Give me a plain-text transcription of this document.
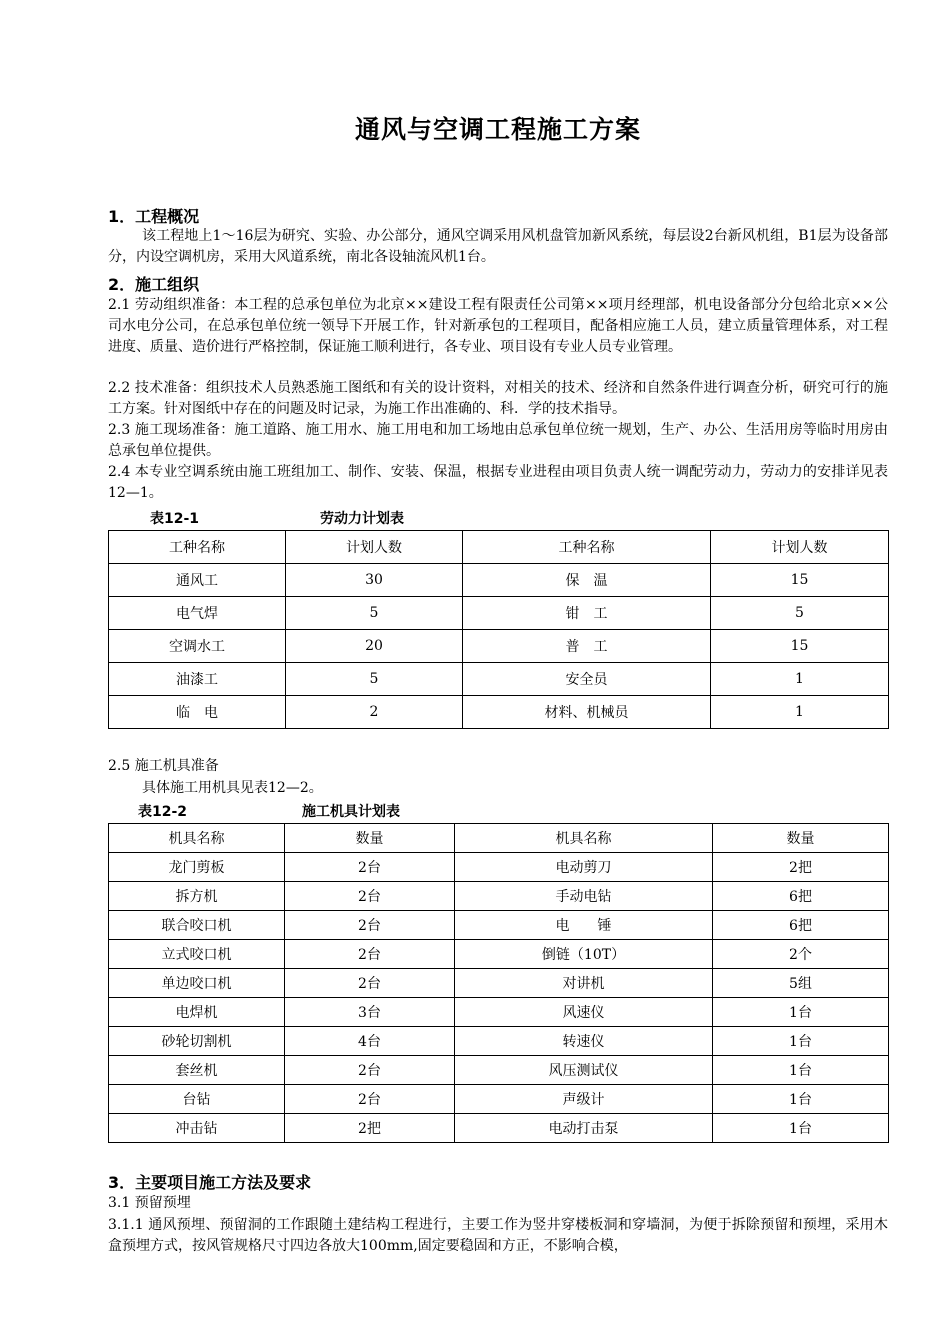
通风与空调工程施工方案
1．工程概况
该工程地上1～16层为研究、实验、办公部分，通风空调采用风机盘管加新风系统，每层设2台新风机组，B1层为设备部分，内设空调机房，采用大风道系统，南北各设轴流风机1台。
2．施工组织
2.1 劳动组织准备：本工程的总承包单位为北京××建设工程有限责任公司第××项月经理部，机电设备部分分包给北京××公司水电分公司，在总承包单位统一领导下开展工作，针对新承包的工程项目，配备相应施工人员，建立质量管理体系，对工程进度、质量、造价进行严格控制，保证施工顺利进行，各专业、项目设有专业人员专业管理。
2.2 技术准备：组织技术人员熟悉施工图纸和有关的设计资料，对相关的技术、经济和自然条件进行调查分析，研究可行的施工方案。针对图纸中存在的问题及时记录，为施工作出准确的、科．学的技术指导。
2.3 施工现场准备：施工道路、施工用水、施工用电和加工场地由总承包单位统一规划，生产、办公、生活用房等临时用房由总承包单位提供。
2.4 本专业空调系统由施工班组加工、制作、安装、保温，根据专业进程由项目负责人统一调配劳动力，劳动力的安排详见表12—1。
表12-1	劳动力计划表
工种名称	计划人数	工种名称	计划人数
通风工	30	保　温	15
电气焊	5	钳　工	5
空调水工	20	普　工	15
油漆工	5	安全员	1
临　电	2	材料、机械员	1
2.5 施工机具准备
具体施工用机具见表12—2。
表12-2	施工机具计划表
机具名称	数量	机具名称	数量
龙门剪板	2台	电动剪刀	2把
拆方机	2台	手动电钻	6把
联合咬口机	2台	电　　锤	6把
立式咬口机	2台	倒链（10T）	2个
单边咬口机	2台	对讲机	5组
电焊机	3台	风速仪	1台
砂轮切割机	4台	转速仪	1台
套丝机	2台	风压测试仪	1台
台钻	2台	声级计	1台
冲击钻	2把	电动打击泵	1台
3．主要项目施工方法及要求
3.1 预留预埋
3.1.1 通风预埋、预留洞的工作跟随土建结构工程进行，主要工作为竖井穿楼板洞和穿墙洞，为便于拆除预留和预埋，采用木盒预埋方式，按风管规格尺寸四边各放大100mm,固定要稳固和方正，不影响合模，
